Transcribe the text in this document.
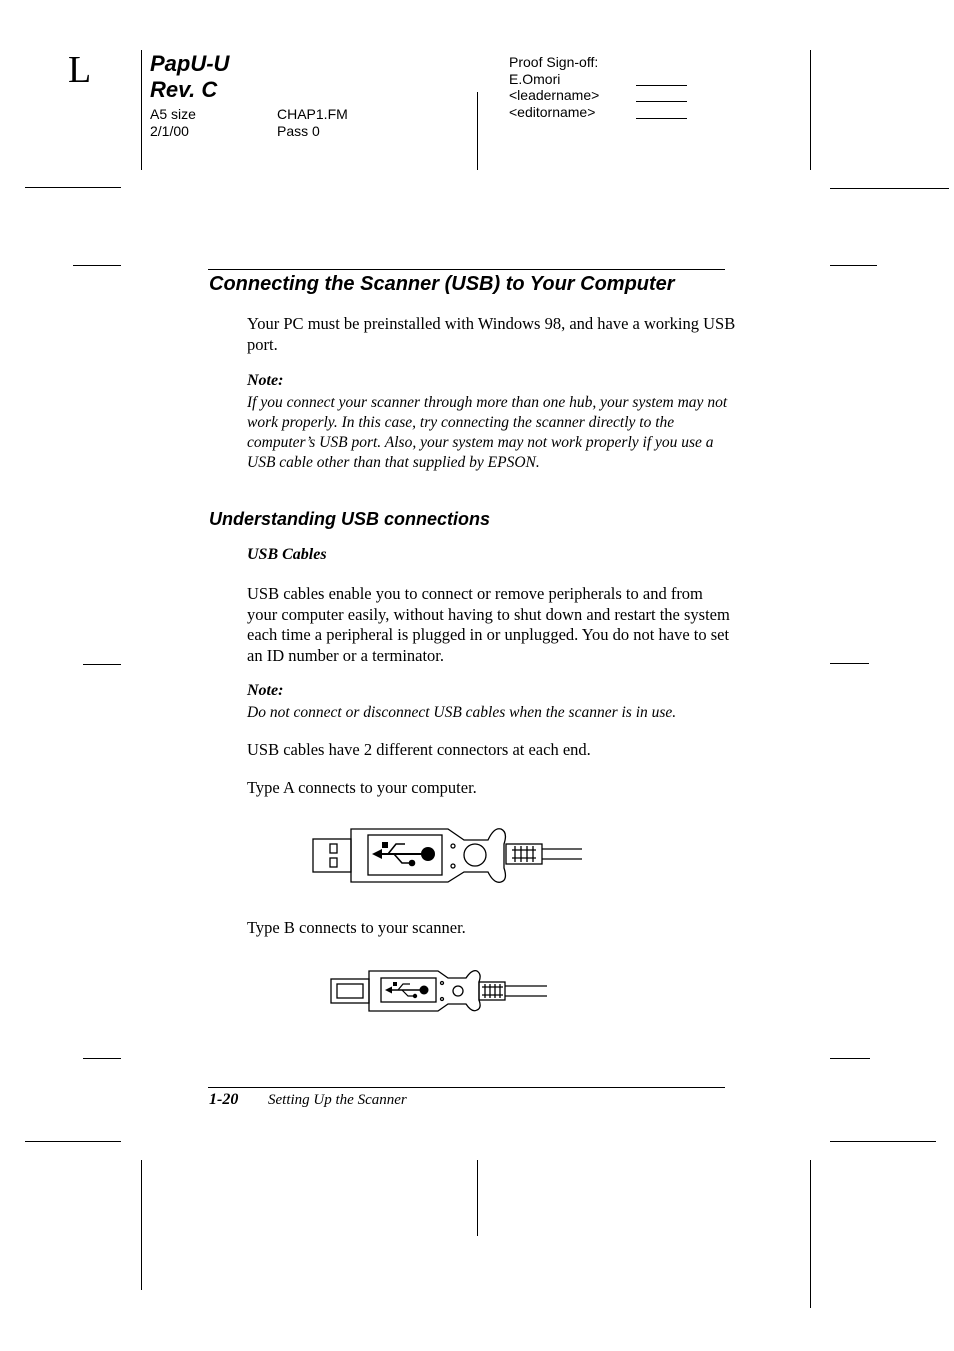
L	PapU-U
Rev. C
A5 size
2/1/00
CHAP1.FM
Pass 0
Proof Sign-off:
E.Omori
<leadername>
<editorname>
Connecting the Scanner (USB) to Your Computer

Your PC must be preinstalled with Windows 98, and have a working USB port.

Note:

If you connect your scanner through more than one hub, your system may not work properly. In this case, try connecting the scanner directly to the computer’s USB port. Also, your system may not work properly if you use a USB cable other than that supplied by EPSON.

Understanding USB connections

USB Cables

USB cables enable you to connect or remove peripherals to and from your computer easily, without having to shut down and restart the system each time a peripheral is plugged in or unplugged. You do not have to set an ID number or a terminator.

Note:

Do not connect or disconnect USB cables when the scanner is in use.

USB cables have 2 different connectors at each end.

Type A connects to your computer.

Type B connects to your scanner.

1-20 Setting Up the Scanner
